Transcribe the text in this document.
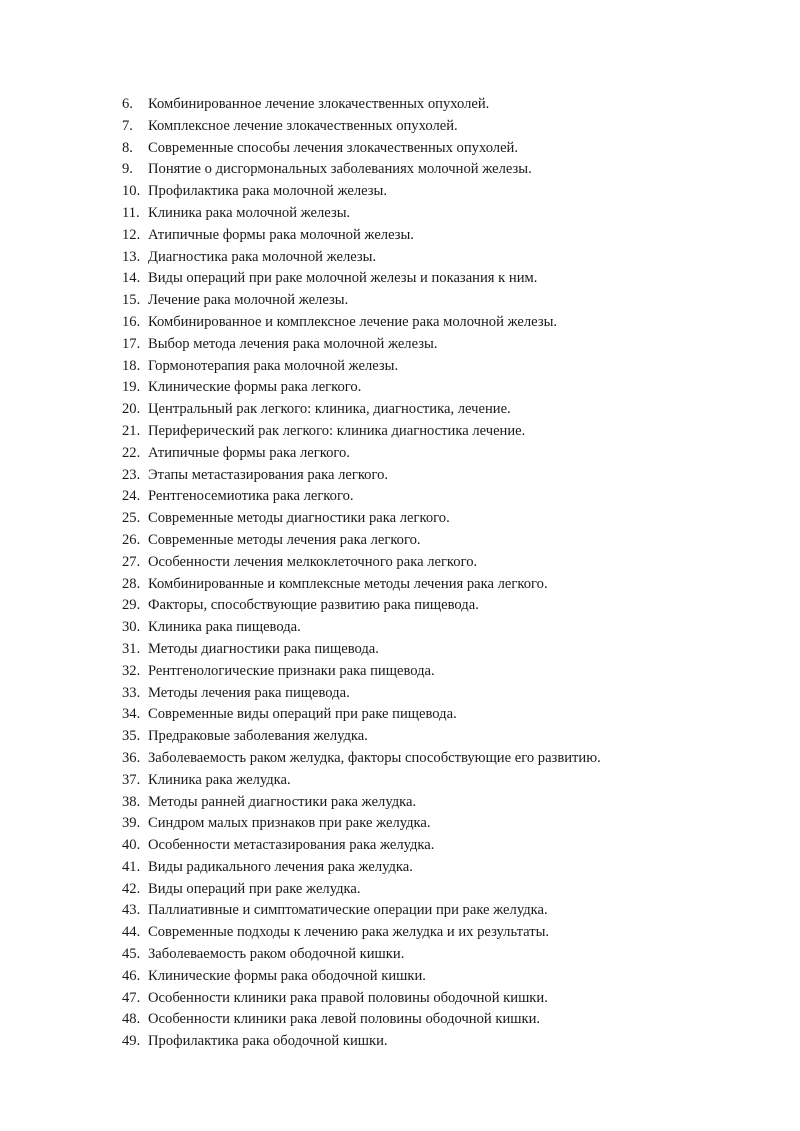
6.	Комбинированное лечение злокачественных опухолей.
7.	Комплексное лечение злокачественных опухолей.
8.	Современные способы лечения злокачественных опухолей.
9.	Понятие о дисгормональных заболеваниях молочной железы.
10. Профилактика рака молочной железы.
11. Клиника рака молочной железы.
12. Атипичные формы рака молочной железы.
13. Диагностика рака молочной железы.
14. Виды операций при раке молочной железы и показания к ним.
15. Лечение рака молочной железы.
16. Комбинированное и комплексное лечение рака молочной железы.
17. Выбор метода лечения рака молочной железы.
18. Гормонотерапия рака молочной железы.
19. Клинические формы рака легкого.
20. Центральный рак легкого: клиника, диагностика, лечение.
21. Периферический рак легкого: клиника диагностика лечение.
22. Атипичные формы рака легкого.
23. Этапы метастазирования рака легкого.
24. Рентгеносемиотика рака легкого.
25. Современные методы диагностики рака легкого.
26. Современные методы лечения рака легкого.
27. Особенности лечения мелкоклеточного рака легкого.
28. Комбинированные и комплексные методы лечения рака легкого.
29. Факторы, способствующие развитию рака пищевода.
30. Клиника рака пищевода.
31. Методы диагностики рака пищевода.
32. Рентгенологические признаки рака пищевода.
33. Методы лечения рака пищевода.
34. Современные виды операций при раке пищевода.
35. Предраковые заболевания желудка.
36. Заболеваемость раком желудка, факторы способствующие его развитию.
37. Клиника рака желудка.
38. Методы ранней диагностики рака желудка.
39. Синдром малых признаков при раке желудка.
40. Особенности метастазирования рака желудка.
41. Виды радикального лечения рака желудка.
42. Виды операций при раке желудка.
43. Паллиативные и симптоматические операции при раке желудка.
44. Современные подходы к лечению рака желудка и их результаты.
45. Заболеваемость раком ободочной кишки.
46. Клинические формы рака ободочной кишки.
47. Особенности клиники рака правой половины ободочной кишки.
48. Особенности клиники рака левой половины ободочной кишки.
49. Профилактика рака ободочной кишки.
